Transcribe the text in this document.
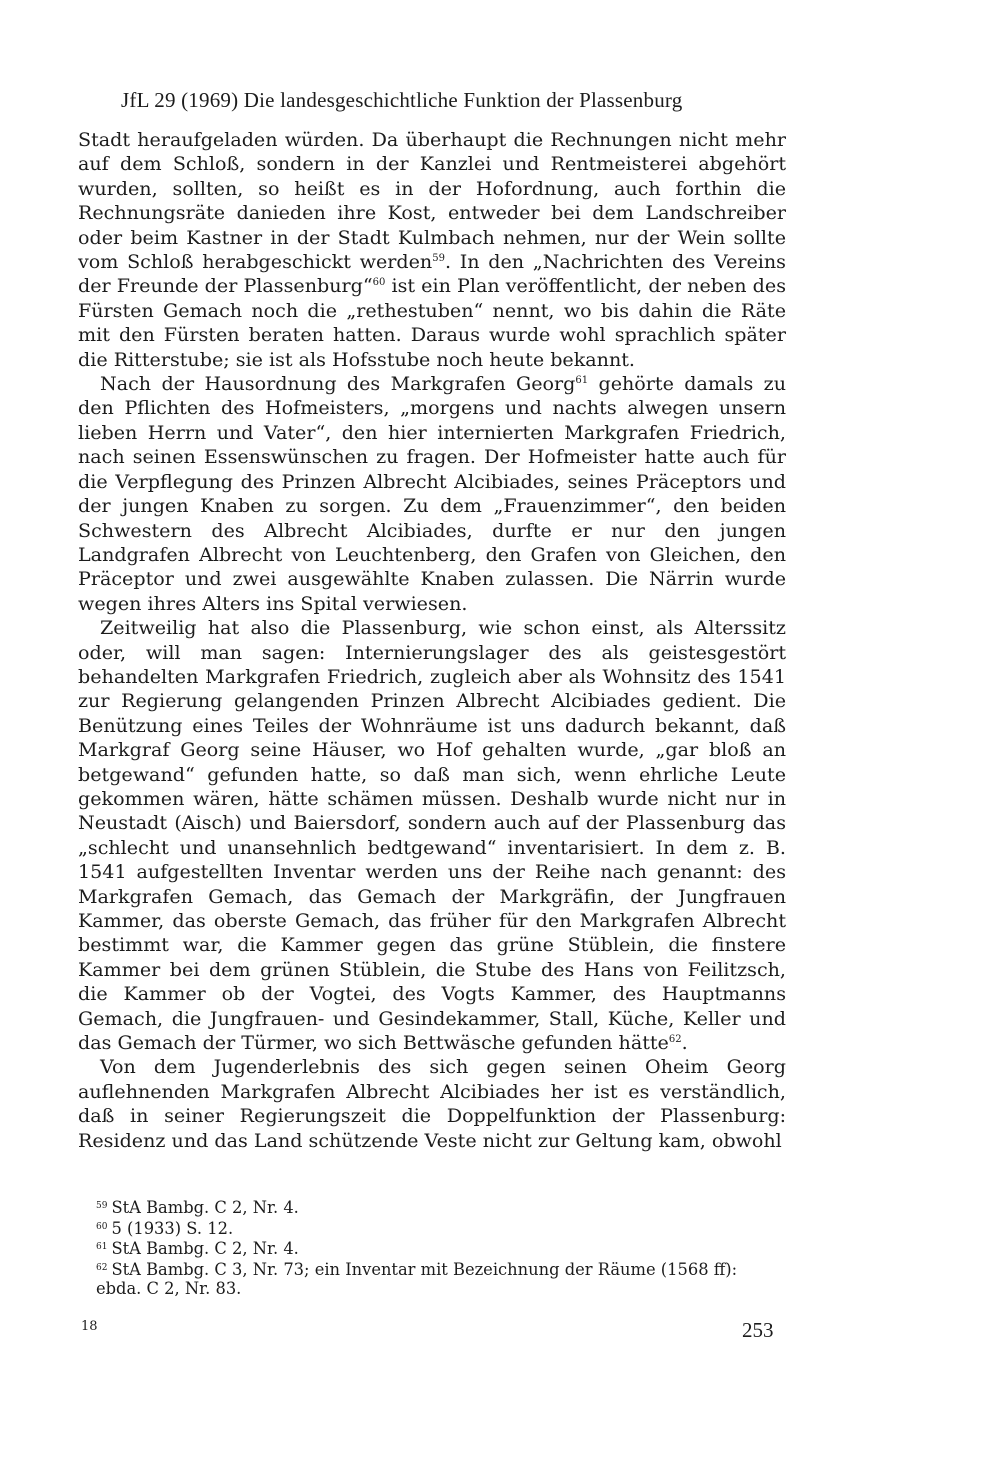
JfL 29 (1969) Die landesgeschichtliche Funktion der Plassenburg

Stadt heraufgeladen würden. Da überhaupt die Rechnungen nicht mehr auf dem Schloß, sondern in der Kanzlei und Rentmeisterei abgehört wurden, sollten, so heißt es in der Hofordnung, auch forthin die Rechnungsräte danieden ihre Kost, entweder bei dem Landschreiber oder beim Kastner in der Stadt Kulmbach nehmen, nur der Wein sollte vom Schloß herabgeschickt werden$^{59}$. In den „Nachrichten des Vereins der Freunde der Plassenburg“$^{60}$ ist ein Plan veröffentlicht, der neben des Fürsten Gemach noch die „rethestuben“ nennt, wo bis dahin die Räte mit den Fürsten beraten hatten. Daraus wurde wohl sprachlich später die Ritterstube; sie ist als Hofsstube noch heute bekannt.

Nach der Hausordnung des Markgrafen Georg$^{61}$ gehörte damals zu den Pflichten des Hofmeisters, „morgens und nachts alwegen unsern lieben Herrn und Vater“, den hier internierten Markgrafen Friedrich, nach seinen Essenswünschen zu fragen. Der Hofmeister hatte auch für die Verpflegung des Prinzen Albrecht Alcibiades, seines Präceptors und der jungen Knaben zu sorgen. Zu dem „Frauenzimmer“, den beiden Schwestern des Albrecht Alcibiades, durfte er nur den jungen Landgrafen Albrecht von Leuchtenberg, den Grafen von Gleichen, den Präceptor und zwei ausgewählte Knaben zulassen. Die Närrin wurde wegen ihres Alters ins Spital verwiesen.

Zeitweilig hat also die Plassenburg, wie schon einst, als Alterssitz oder, will man sagen: Internierungslager des als geistesgestört behandelten Markgrafen Friedrich, zugleich aber als Wohnsitz des 1541 zur Regierung gelangenden Prinzen Albrecht Alcibiades gedient. Die Benützung eines Teiles der Wohnräume ist uns dadurch bekannt, daß Markgraf Georg seine Häuser, wo Hof gehalten wurde, „gar bloß an betgewand“ gefunden hatte, so daß man sich, wenn ehrliche Leute gekommen wären, hätte schämen müssen. Deshalb wurde nicht nur in Neustadt (Aisch) und Baiersdorf, sondern auch auf der Plassenburg das „schlecht und unansehnlich bedtgewand“ inventarisiert. In dem z. B. 1541 aufgestellten Inventar werden uns der Reihe nach genannt: des Markgrafen Gemach, das Gemach der Markgräfin, der Jungfrauen Kammer, das oberste Gemach, das früher für den Markgrafen Albrecht bestimmt war, die Kammer gegen das grüne Stüblein, die finstere Kammer bei dem grünen Stüblein, die Stube des Hans von Feilitzsch, die Kammer ob der Vogtei, des Vogts Kammer, des Hauptmanns Gemach, die Jungfrauen- und Gesindekammer, Stall, Küche, Keller und das Gemach der Türmer, wo sich Bettwäsche gefunden hätte$^{62}$.

Von dem Jugenderlebnis des sich gegen seinen Oheim Georg auflehnenden Markgrafen Albrecht Alcibiades her ist es verständlich, daß in seiner Regierungszeit die Doppelfunktion der Plassenburg: Residenz und das Land schützende Veste nicht zur Geltung kam, obwohl

$^{59}$ StA Bambg. C 2, Nr. 4.
$^{60}$ 5 (1933) S. 12.
$^{61}$ StA Bambg. C 2, Nr. 4.
$^{62}$ StA Bambg. C 3, Nr. 73; ein Inventar mit Bezeichnung der Räume (1568 ff):
ebda. C 2, Nr. 83.
18	253
